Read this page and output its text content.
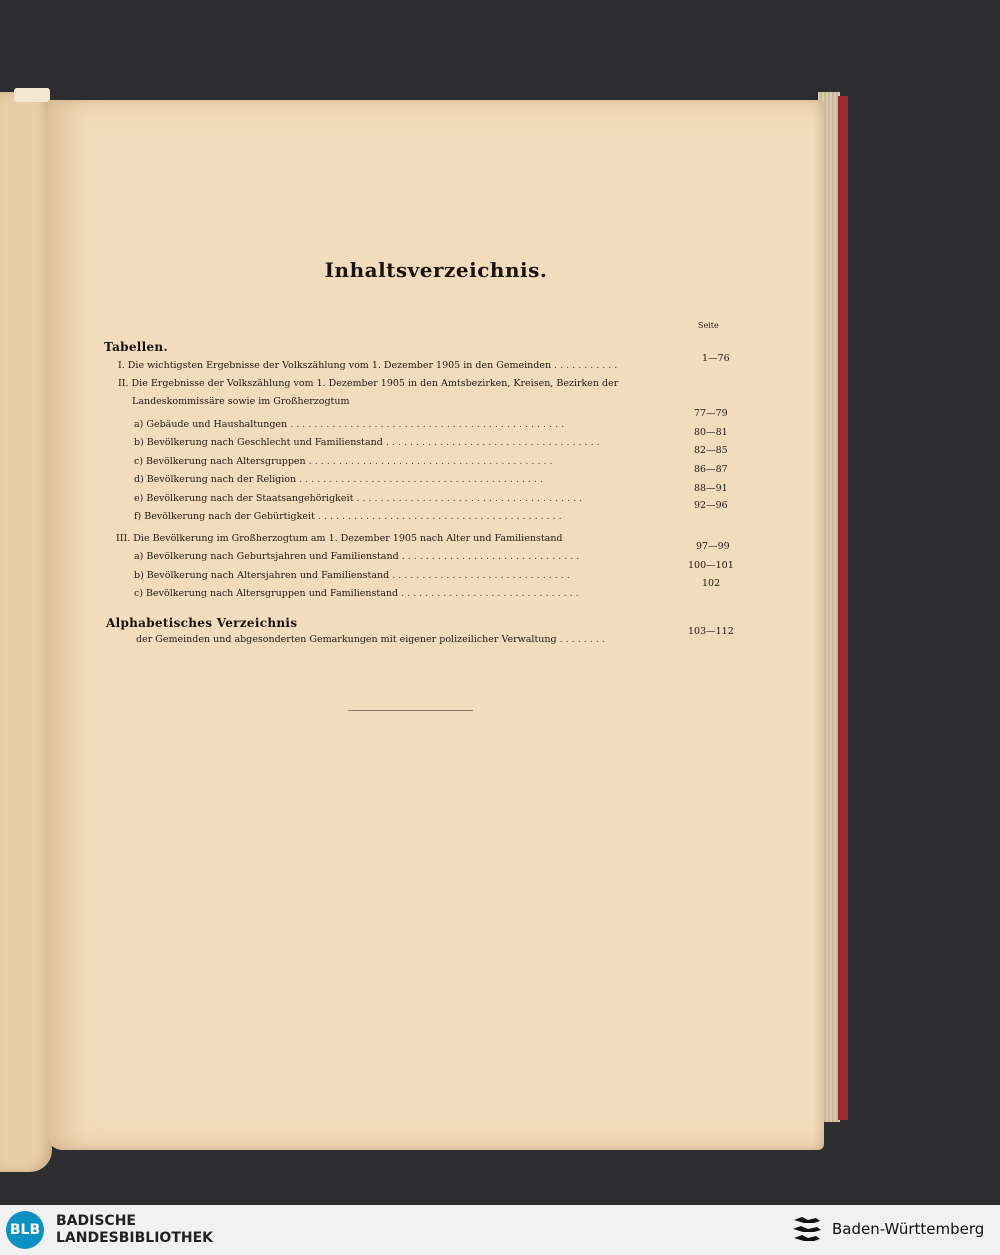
Inhaltsverzeichnis.
Seite
Tabellen.
I. Die wichtigsten Ergebnisse der Volkszählung vom 1. Dezember 1905 in den Gemeinden ...........
1—76
II. Die Ergebnisse der Volkszählung vom 1. Dezember 1905 in den Amtsbezirken, Kreisen, Bezirken der
Landeskommissäre sowie im Großherzogtum
a) Gebäude und Haushaltungen ..............................................
77—79
b) Bevölkerung nach Geschlecht und Familienstand ....................................
80—81
c) Bevölkerung nach Altersgruppen .........................................
82—85
d) Bevölkerung nach der Religion .........................................
86—87
e) Bevölkerung nach der Staatsangehörigkeit ......................................
88—91
f) Bevölkerung nach der Gebürtigkeit .........................................
92—96
III. Die Bevölkerung im Großherzogtum am 1. Dezember 1905 nach Alter und Familienstand
a) Bevölkerung nach Geburtsjahren und Familienstand ..............................
97—99
b) Bevölkerung nach Altersjahren und Familienstand ..............................
100—101
c) Bevölkerung nach Altersgruppen und Familienstand ..............................
102
Alphabetisches Verzeichnis
der Gemeinden und abgesonderten Gemarkungen mit eigener polizeilicher Verwaltung ........
103—112
BLB
BADISCHE
LANDESBIBLIOTHEK	Baden-Württemberg
